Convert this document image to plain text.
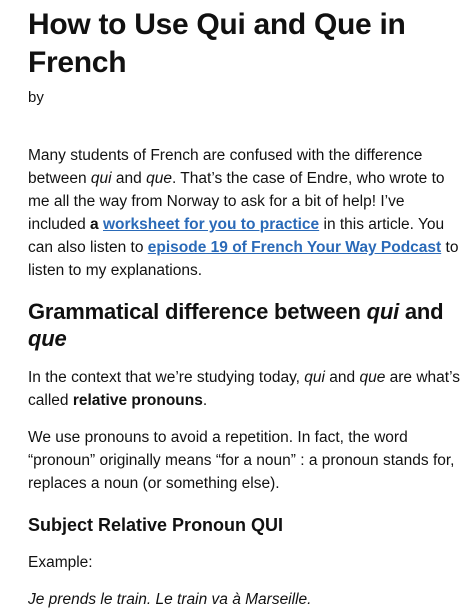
How to Use Qui and Que in French

by

Many students of French are confused with the difference between qui and que. That’s the case of Endre, who wrote to me all the way from Norway to ask for a bit of help! I’ve included a worksheet for you to practice in this article. You can also listen to episode 19 of French Your Way Podcast to listen to my explanations.

Grammatical difference between qui and que

In the context that we’re studying today, qui and que are what’s called relative pronouns.

We use pronouns to avoid a repetition. In fact, the word “pronoun” originally means “for a noun” : a pronoun stands for, replaces a noun (or something else).

Subject Relative Pronoun QUI

Example:

Je prends le train. Le train va à Marseille.
